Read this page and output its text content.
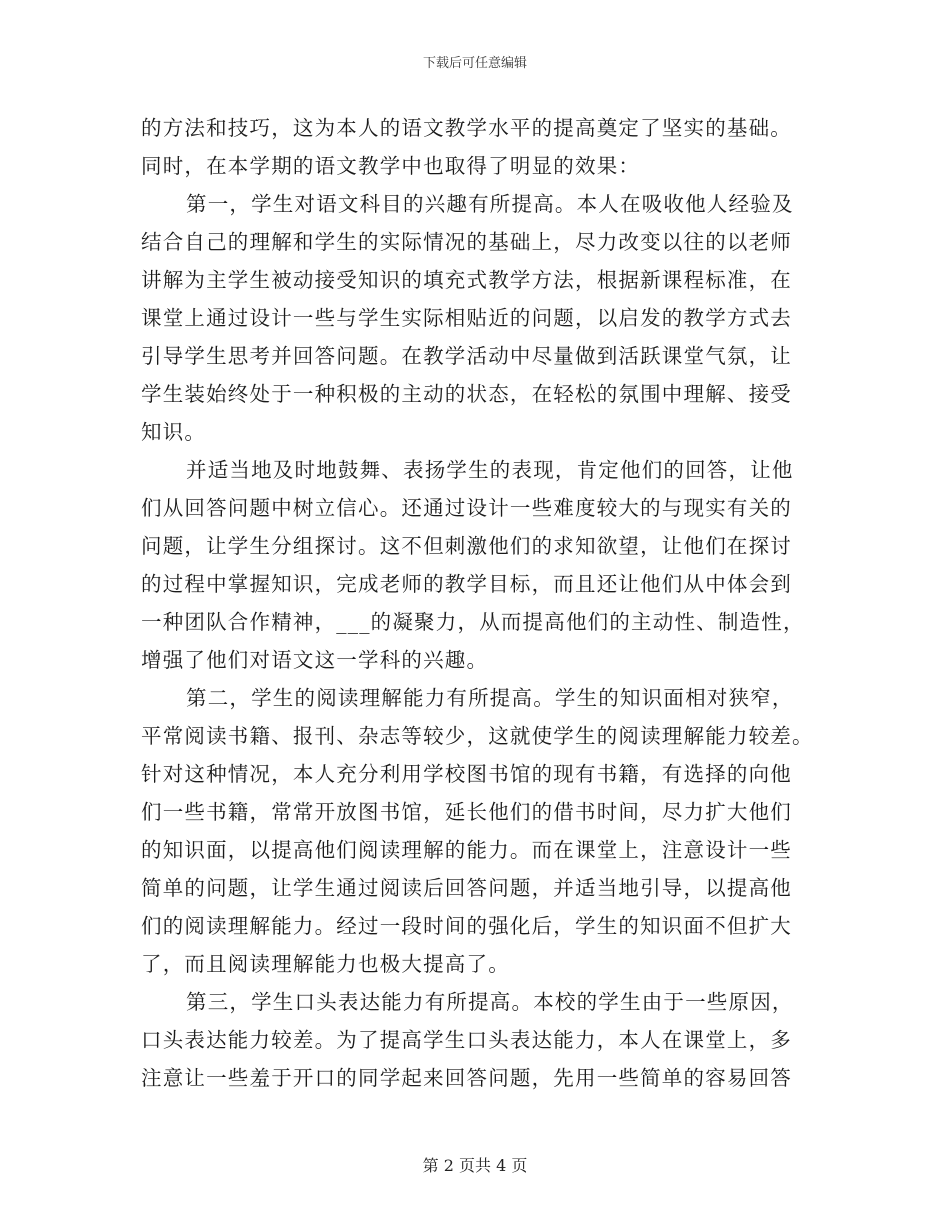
下载后可任意编辑
的方法和技巧，这为本人的语文教学水平的提高奠定了坚实的基础。
同时，在本学期的语文教学中也取得了明显的效果：
第一，学生对语文科目的兴趣有所提高。本人在吸收他人经验及
结合自己的理解和学生的实际情况的基础上，尽力改变以往的以老师
讲解为主学生被动接受知识的填充式教学方法，根据新课程标准，在
课堂上通过设计一些与学生实际相贴近的问题，以启发的教学方式去
引导学生思考并回答问题。在教学活动中尽量做到活跃课堂气氛，让
学生装始终处于一种积极的主动的状态，在轻松的氛围中理解、接受
知识。
并适当地及时地鼓舞、表扬学生的表现，肯定他们的回答，让他
们从回答问题中树立信心。还通过设计一些难度较大的与现实有关的
问题，让学生分组探讨。这不但刺激他们的求知欲望，让他们在探讨
的过程中掌握知识，完成老师的教学目标，而且还让他们从中体会到
一种团队合作精神，___的凝聚力，从而提高他们的主动性、制造性，
增强了他们对语文这一学科的兴趣。
第二，学生的阅读理解能力有所提高。学生的知识面相对狭窄，
平常阅读书籍、报刊、杂志等较少，这就使学生的阅读理解能力较差。
针对这种情况，本人充分利用学校图书馆的现有书籍，有选择的向他
们一些书籍，常常开放图书馆，延长他们的借书时间，尽力扩大他们
的知识面，以提高他们阅读理解的能力。而在课堂上，注意设计一些
简单的问题，让学生通过阅读后回答问题，并适当地引导，以提高他
们的阅读理解能力。经过一段时间的强化后，学生的知识面不但扩大
了，而且阅读理解能力也极大提高了。
第三，学生口头表达能力有所提高。本校的学生由于一些原因，
口头表达能力较差。为了提高学生口头表达能力，本人在课堂上，多
注意让一些羞于开口的同学起来回答问题，先用一些简单的容易回答
第 2 页共 4 页
